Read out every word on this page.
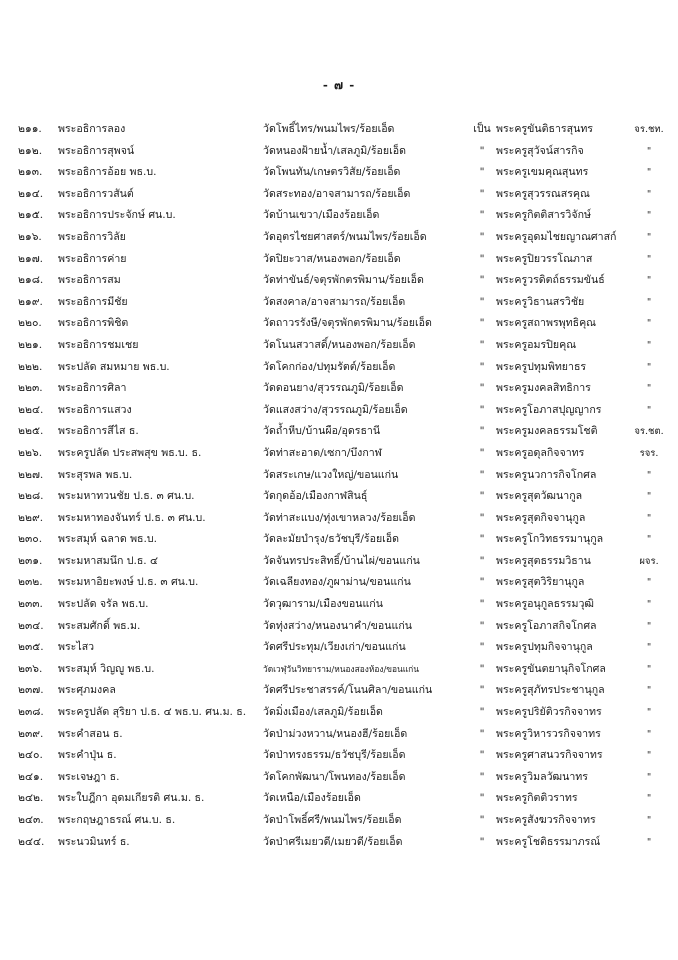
- ๗ -
๒๑๑.	พระอธิการลอง	วัดโพธิ์ไทร/พนมไพร/ร้อยเอ็ด	เป็น พระครูขันติธารสุนทร	จร.ชท.
๒๑๒.	พระอธิการสุพจน์	วัดหนองฝ้ายน้ำ/เสลภูมิ/ร้อยเอ็ด	"	พระครูสุวัจน์สารกิจ	"
๒๑๓.	พระอธิการอ้อย พธ.บ.	วัดโพนทัน/เกษตรวิสัย/ร้อยเอ็ด	"	พระครูเขมคุณสุนทร	"
๒๑๔.	พระอธิการวสันต์	วัดสระทอง/อาจสามารถ/ร้อยเอ็ด	"	พระครูสุวรรณสรคุณ	"
๒๑๕.	พระอธิการประจักษ์ ศน.บ.	วัดบ้านเขวา/เมืองร้อยเอ็ด	"	พระครูกิตติสารวิจักษ์	"
๒๑๖.	พระอธิการวิลัย	วัดอุตรไชยศาสตร์/พนมไพร/ร้อยเอ็ด	"	พระครูอุดมไชยญาณศาสก์	"
๒๑๗.	พระอธิการค่าย	วัดปิยะวาส/หนองพอก/ร้อยเอ็ด	"	พระครูปิยวรรโณภาส	"
๒๑๘.	พระอธิการสม	วัดท่าขันธ์/จตุรพักตรพิมาน/ร้อยเอ็ด	"	พระครูวรดิตถ์ธรรมขันธ์	"
๒๑๙.	พระอธิการมีชัย	วัดสงคาล/อาจสามารถ/ร้อยเอ็ด	"	พระครูวิธานสรวิชัย	"
๒๒๐.	พระอธิการพิชิต	วัดถาวรรังษี/จตุรพักตรพิมาน/ร้อยเอ็ด	"	พระครูสถาพรพุทธิคุณ	"
๒๒๑.	พระอธิการชมเชย	วัดโนนสวาสดิ์/หนองพอก/ร้อยเอ็ด	"	พระครูอมรปิยคุณ	"
๒๒๒.	พระปลัด สมหมาย พธ.บ.	วัดโคกก่อง/ปทุมรัตต์/ร้อยเอ็ด	"	พระครูปทุมพิทยาธร	"
๒๒๓.	พระอธิการศิลา	วัดดอนยาง/สุวรรณภูมิ/ร้อยเอ็ด	"	พระครูมงคลสิทธิการ	"
๒๒๔.	พระอธิการแสวง	วัดแสงสว่าง/สุวรรณภูมิ/ร้อยเอ็ด	"	พระครูโอภาสปุญญากร	"
๒๒๕.	พระอธิการสีไส ธ.	วัดถ้ำหีบ/บ้านผือ/อุดรธานี	"	พระครูมงคลธรรมโชติ	จร.ชต.
๒๒๖.	พระครูปลัด ประสพสุข พธ.บ. ธ.	วัดท่าสะอาด/เซกา/บึงกาฬ	"	พระครูอดุลกิจจาทร	รจร.
๒๒๗.	พระสุรพล พธ.บ.	วัดสระเกษ/แวงใหญ่/ขอนแก่น	"	พระครูนวการกิจโกศล	"
๒๒๘.	พระมหาทวนชัย ป.ธ. ๓ ศน.บ.	วัดกุดอ้อ/เมืองกาฬสินธุ์	"	พระครูสุตวัฒนากูล	"
๒๒๙.	พระมหาทองจันทร์ ป.ธ. ๓ ศน.บ.	วัดท่าสะแบง/ทุ่งเขาหลวง/ร้อยเอ็ด	"	พระครูสุตกิจจานุกูล	"
๒๓๐.	พระสมุห์ ฉลาด พธ.บ.	วัดละมัยบำรุง/ธวัชบุรี/ร้อยเอ็ด	"	พระครูโกวิทธรรมานุกูล	"
๒๓๑.	พระมหาสมนึก ป.ธ. ๔	วัดจันทรประสิทธิ์/บ้านไผ่/ขอนแก่น	"	พระครูสุตธรรมวิธาน	ผจร.
๒๓๒.	พระมหาอิยะพงษ์ ป.ธ. ๓ ศน.บ.	วัดเฉลียงทอง/ภูผาม่าน/ขอนแก่น	"	พระครูสุตวิริยานุกูล	"
๒๓๓.	พระปลัด จรัล พธ.บ.	วัดวุฒาราม/เมืองขอนแก่น	"	พระครูอนุกูลธรรมวุฒิ	"
๒๓๔.	พระสมศักดิ์ พธ.ม.	วัดทุ่งสว่าง/หนองนาคำ/ขอนแก่น	"	พระครูโอภาสกิจโกศล	"
๒๓๕.	พระไสว	วัดศรีประทุม/เวียงเก่า/ขอนแก่น	"	พระครูปทุมกิจจานุกูล	"
๒๓๖.	พระสมุห์ วิญญู พธ.บ.	วัดเวฬุวันวิทยาราม/หนองสองห้อง/ขอนแก่น	"	พระครูขันตยานุกิจโกศล	"
๒๓๗.	พระศุภมงคล	วัดศรีประชาสรรค์/โนนศิลา/ขอนแก่น	"	พระครูสุภัทรประชานุกูล	"
๒๓๘.	พระครูปลัด สุริยา ป.ธ. ๔ พธ.บ. ศน.ม. ธ.	วัดมิ่งเมือง/เสลภูมิ/ร้อยเอ็ด	"	พระครูปริยัติวรกิจจาทร	"
๒๓๙.	พระคำสอน ธ.	วัดป่าม่วงหวาน/หนองฮี/ร้อยเอ็ด	"	พระครูวิหารวรกิจจาทร	"
๒๔๐.	พระคำปุ่น ธ.	วัดป่าทรงธรรม/ธวัชบุรี/ร้อยเอ็ด	"	พระครูศาสนวรกิจจาทร	"
๒๔๑.	พระเจษฎา ธ.	วัดโคกพัฒนา/โพนทอง/ร้อยเอ็ด	"	พระครูวิมลวัฒนาทร	"
๒๔๒.	พระใบฎีกา อุดมเกียรติ ศน.ม. ธ.	วัดเหนือ/เมืองร้อยเอ็ด	"	พระครูกิตติวราทร	"
๒๔๓.	พระกฤษฎาธรณ์ ศน.บ. ธ.	วัดป่าโพธิ์ศรี/พนมไพร/ร้อยเอ็ด	"	พระครูสังฆวรกิจจาทร	"
๒๔๔.	พระนวมินทร์ ธ.	วัดป่าศรีเมยวดี/เมยวดี/ร้อยเอ็ด	"	พระครูโชติธรรมาภรณ์	"
